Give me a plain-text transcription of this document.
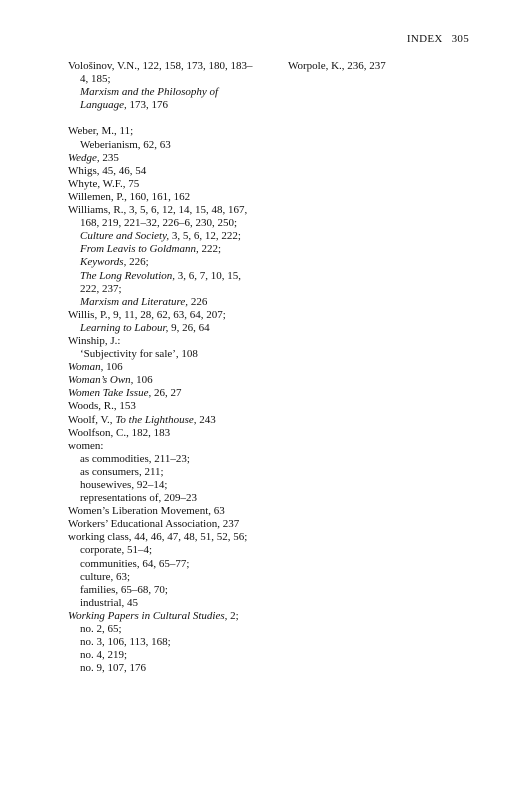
INDEX 305
Vološinov, V.N., 122, 158, 173, 180, 183–
4, 185;
Marxism and the Philosophy of
Language, 173, 176
Weber, M., 11;
Weberianism, 62, 63
Wedge, 235
Whigs, 45, 46, 54
Whyte, W.F., 75
Willemen, P., 160, 161, 162
Williams, R., 3, 5, 6, 12, 14, 15, 48, 167,
168, 219, 221–32, 226–6, 230, 250;
Culture and Society, 3, 5, 6, 12, 222;
From Leavis to Goldmann, 222;
Keywords, 226;
The Long Revolution, 3, 6, 7, 10, 15,
222, 237;
Marxism and Literature, 226
Willis, P., 9, 11, 28, 62, 63, 64, 207;
Learning to Labour, 9, 26, 64
Winship, J.:
‘Subjectivity for sale’, 108
Woman, 106
Woman’s Own, 106
Women Take Issue, 26, 27
Woods, R., 153
Woolf, V., To the Lighthouse, 243
Woolfson, C., 182, 183
women:
as commodities, 211–23;
as consumers, 211;
housewives, 92–14;
representations of, 209–23
Women’s Liberation Movement, 63
Workers’ Educational Association, 237
working class, 44, 46, 47, 48, 51, 52, 56;
corporate, 51–4;
communities, 64, 65–77;
culture, 63;
families, 65–68, 70;
industrial, 45
Working Papers in Cultural Studies, 2;
no. 2, 65;
no. 3, 106, 113, 168;
no. 4, 219;
no. 9, 107, 176
Worpole, K., 236, 237
